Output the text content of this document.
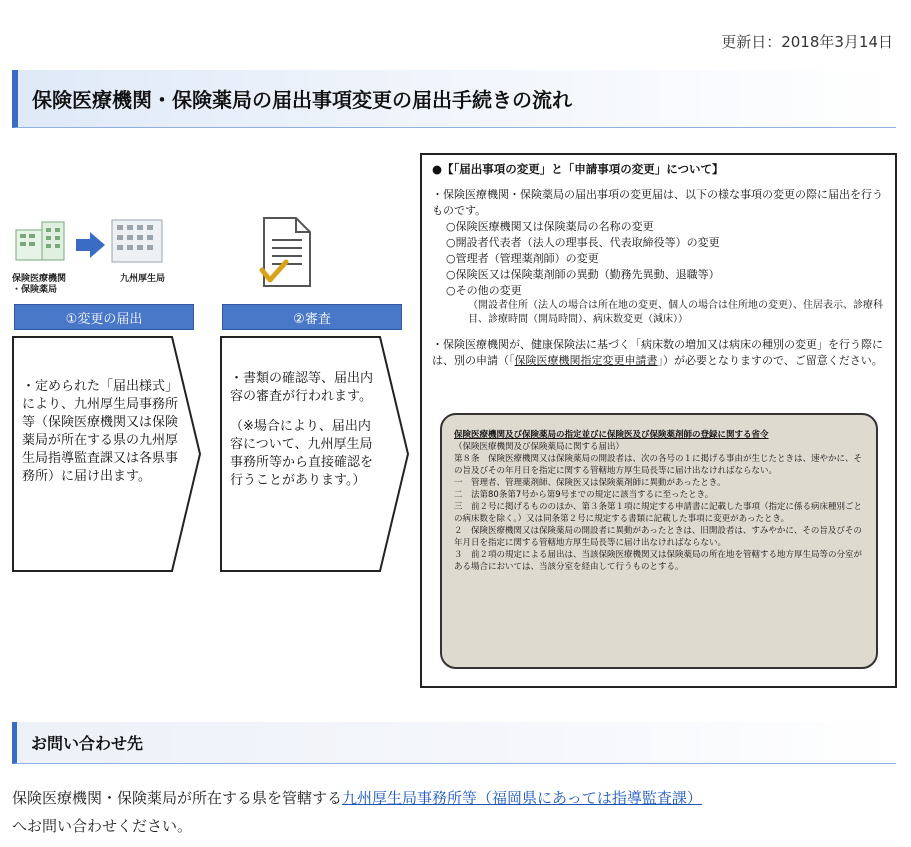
更新日：2018年3月14日
保険医療機関・保険薬局の届出事項変更の届出手続きの流れ
保険医療機関
・保険薬局
九州厚生局
①変更の届出	②審査
・定められた「届出様式」により、九州厚生局事務所等（保険医療機関又は保険薬局が所在する県の九州厚生局指導監査課又は各県事務所）に届け出ます。
・書類の確認等、届出内容の審査が行われます。
（※場合により、届出内容について、九州厚生局事務所等から直接確認を行うことがあります。）
●【「届出事項の変更」と「申請事項の変更」について】
・保険医療機関・保険薬局の届出事項の変更届は、以下の様な事項の変更の際に届出を行うものです。
○保険医療機関又は保険薬局の名称の変更
○開設者代表者（法人の理事長、代表取締役等）の変更
○管理者（管理薬剤師）の変更
○保険医又は保険薬剤師の異動（勤務先異動、退職等）
○その他の変更
（開設者住所（法人の場合は所在地の変更、個人の場合は住所地の変更）、住居表示、診療科目、診療時間（開局時間）、病床数変更（減床））
・保険医療機関が、健康保険法に基づく「病床数の増加又は病床の種別の変更」を行う際には、別の申請（「保険医療機関指定変更申請書」）が必要となりますので、ご留意ください。
保険医療機関及び保険薬局の指定並びに保険医及び保険薬剤師の登録に関する省令
（保険医療機関及び保険薬局に関する届出）
第８条　保険医療機関又は保険薬局の開設者は、次の各号の１に掲げる事由が生じたときは、速やかに、その旨及びその年月日を指定に関する管轄地方厚生局長等に届け出なければならない。
一　管理者、管理薬剤師、保険医又は保険薬剤師に異動があったとき。
二　法第80条第7号から第9号までの規定に該当するに至ったとき。
三　前２号に掲げるもののほか、第３条第１項に規定する申請書に記載した事項（指定に係る病床種別ごとの病床数を除く。）又は同条第２号に規定する書類に記載した事項に変更があったとき。
２　保険医療機関又は保険薬局の開設者に異動があったときは、旧開設者は、すみやかに、その旨及びその年月日を指定に関する管轄地方厚生局長等に届け出なければならない。
３　前２項の規定による届出は、当該保険医療機関又は保険薬局の所在地を管轄する地方厚生局等の分室がある場合においては、当該分室を経由して行うものとする。
お問い合わせ先

保険医療機関・保険薬局が所在する県を管轄する九州厚生局事務所等（福岡県にあっては指導監査課）
へお問い合わせください。
